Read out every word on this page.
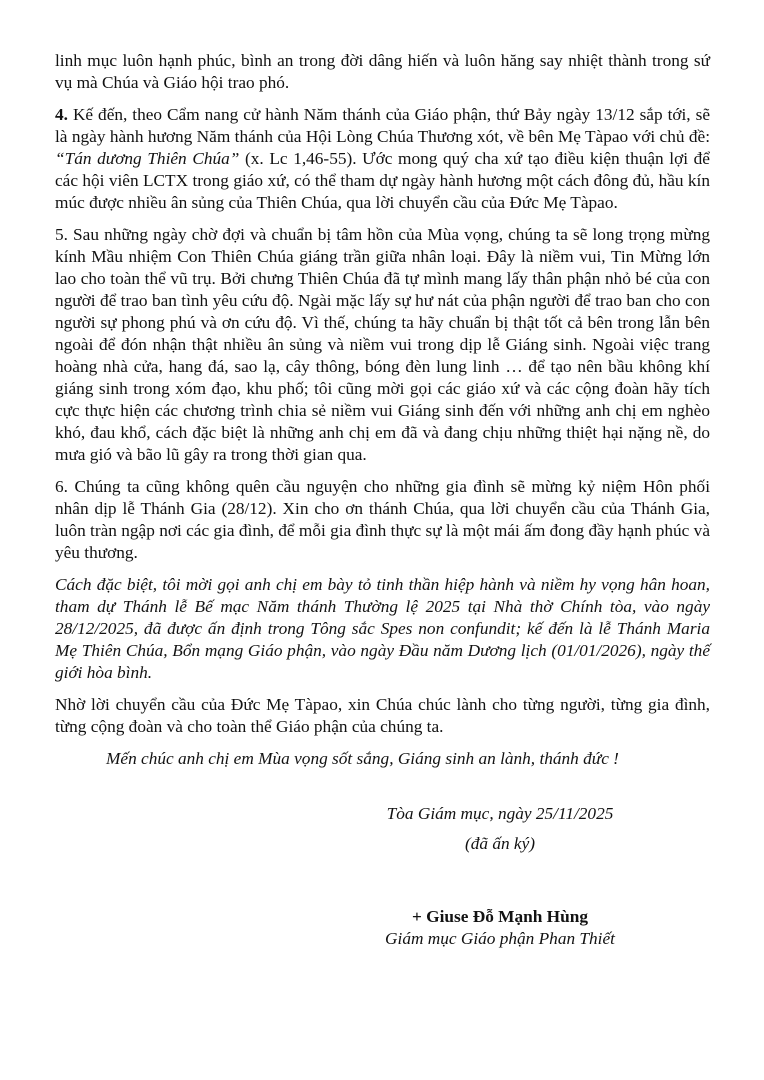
linh mục luôn hạnh phúc, bình an trong đời dâng hiến và luôn hăng say nhiệt thành trong sứ vụ mà Chúa và Giáo hội trao phó.

4. Kế đến, theo Cẩm nang cử hành Năm thánh của Giáo phận, thứ Bảy ngày 13/12 sắp tới, sẽ là ngày hành hương Năm thánh của Hội Lòng Chúa Thương xót, về bên Mẹ Tàpao với chủ đề: “Tán dương Thiên Chúa” (x. Lc 1,46-55). Ước mong quý cha xứ tạo điều kiện thuận lợi để các hội viên LCTX trong giáo xứ, có thể tham dự ngày hành hương một cách đông đủ, hầu kín múc được nhiều ân sủng của Thiên Chúa, qua lời chuyển cầu của Đức Mẹ Tàpao.

5. Sau những ngày chờ đợi và chuẩn bị tâm hồn của Mùa vọng, chúng ta sẽ long trọng mừng kính Mầu nhiệm Con Thiên Chúa giáng trần giữa nhân loại. Đây là niềm vui, Tin Mừng lớn lao cho toàn thể vũ trụ. Bởi chưng Thiên Chúa đã tự mình mang lấy thân phận nhỏ bé của con người để trao ban tình yêu cứu độ. Ngài mặc lấy sự hư nát của phận người để trao ban cho con người sự phong phú và ơn cứu độ. Vì thế, chúng ta hãy chuẩn bị thật tốt cả bên trong lẫn bên ngoài để đón nhận thật nhiều ân sủng và niềm vui trong dịp lễ Giáng sinh. Ngoài việc trang hoàng nhà cửa, hang đá, sao lạ, cây thông, bóng đèn lung linh … để tạo nên bầu không khí giáng sinh trong xóm đạo, khu phố; tôi cũng mời gọi các giáo xứ và các cộng đoàn hãy tích cực thực hiện các chương trình chia sẻ niềm vui Giáng sinh đến với những anh chị em nghèo khó, đau khổ, cách đặc biệt là những anh chị em đã và đang chịu những thiệt hại nặng nề, do mưa gió và bão lũ gây ra trong thời gian qua.

6. Chúng ta cũng không quên cầu nguyện cho những gia đình sẽ mừng kỷ niệm Hôn phối nhân dịp lễ Thánh Gia (28/12). Xin cho ơn thánh Chúa, qua lời chuyển cầu của Thánh Gia, luôn tràn ngập nơi các gia đình, để mỗi gia đình thực sự là một mái ấm đong đầy hạnh phúc và yêu thương.

Cách đặc biệt, tôi mời gọi anh chị em bày tỏ tinh thần hiệp hành và niềm hy vọng hân hoan, tham dự Thánh lễ Bế mạc Năm thánh Thường lệ 2025 tại Nhà thờ Chính tòa, vào ngày 28/12/2025, đã được ấn định trong Tông sắc Spes non confundit; kế đến là lễ Thánh Maria Mẹ Thiên Chúa, Bổn mạng Giáo phận, vào ngày Đầu năm Dương lịch (01/01/2026), ngày thế giới hòa bình.

Nhờ lời chuyển cầu của Đức Mẹ Tàpao, xin Chúa chúc lành cho từng người, từng gia đình, từng cộng đoàn và cho toàn thể Giáo phận của chúng ta.

Mến chúc anh chị em Mùa vọng sốt sắng, Giáng sinh an lành, thánh đức !

Tòa Giám mục, ngày 25/11/2025

(đã ấn ký)

+ Giuse Đỗ Mạnh Hùng

Giám mục Giáo phận Phan Thiết
